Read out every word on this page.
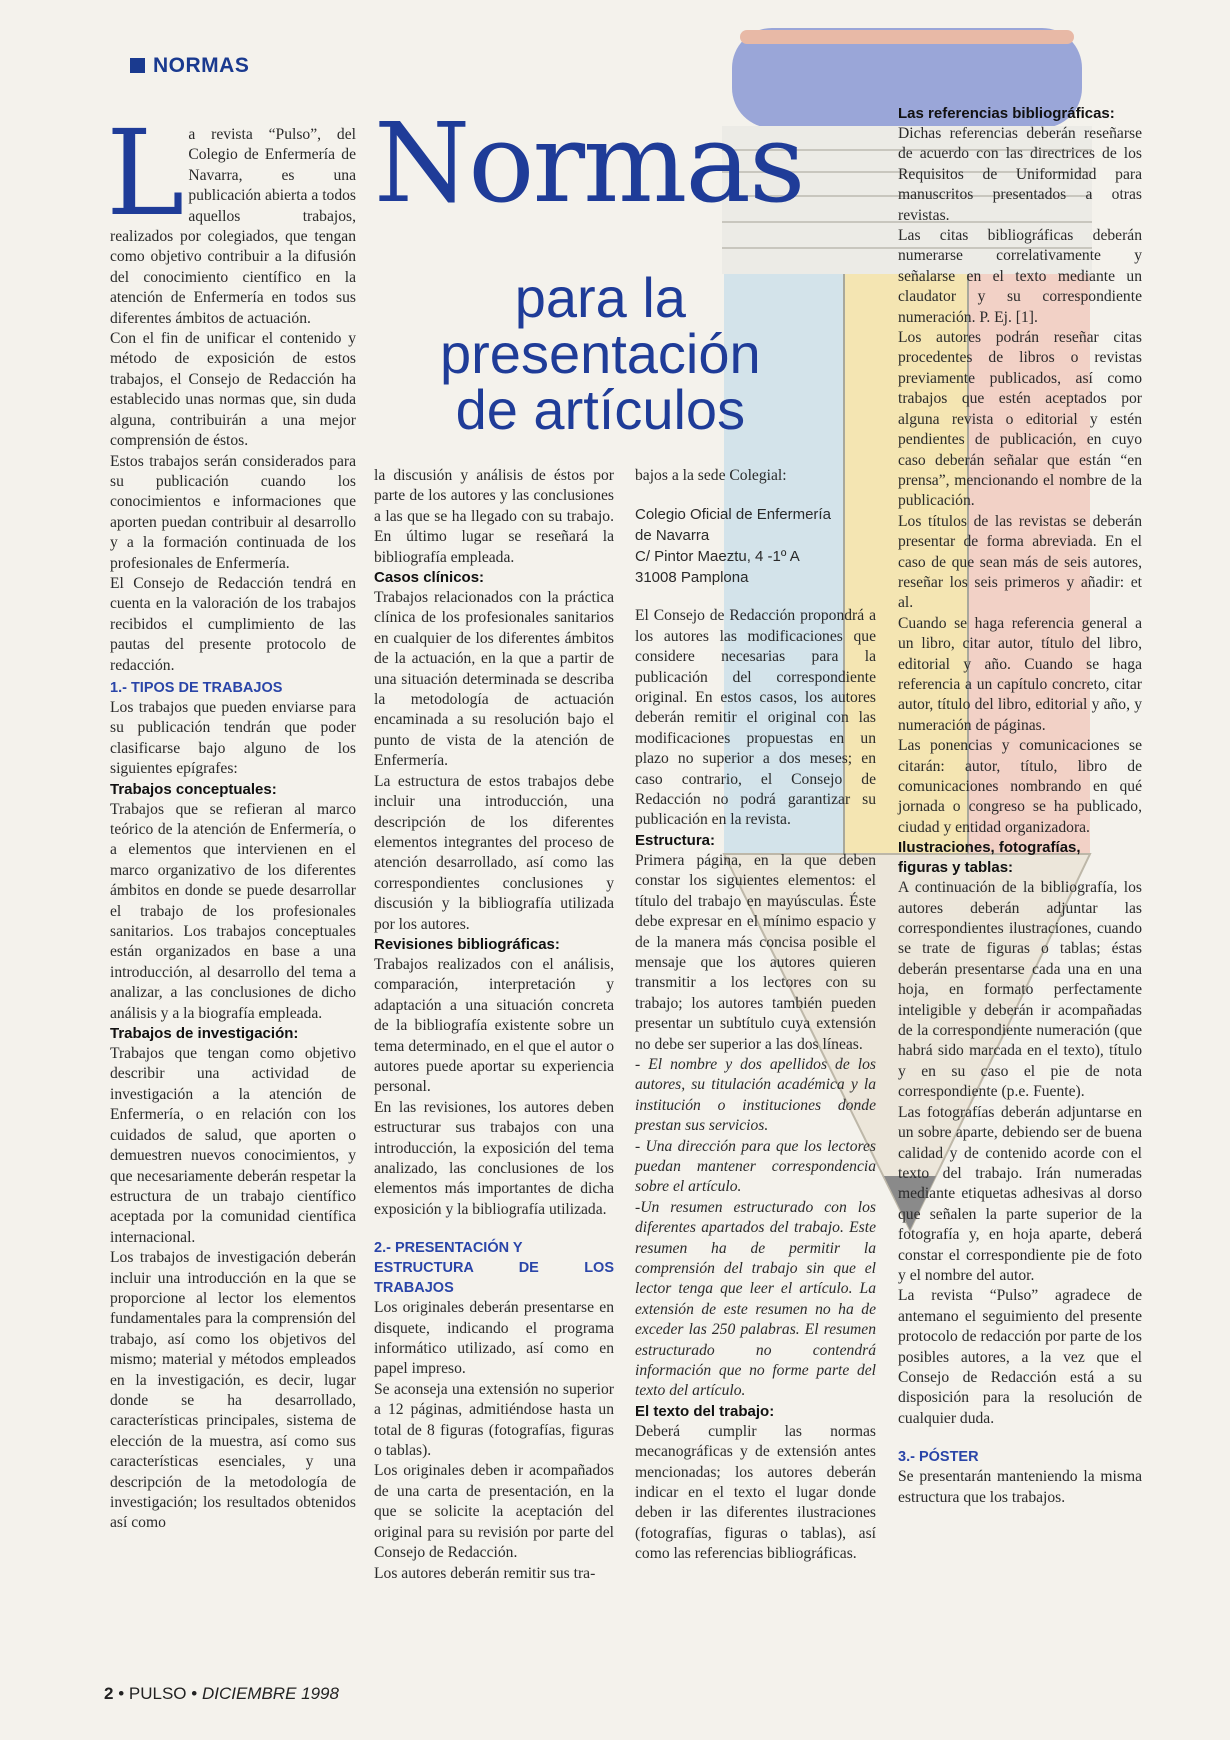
NORMAS
Normas
para la
presentación
de artículos

La revista “Pulso”, del Colegio de Enfermería de Navarra, es una publicación abierta a todos aquellos trabajos, realizados por colegiados, que tengan como objetivo contribuir a la difusión del conocimiento científico en la atención de Enfermería en todos sus diferentes ámbitos de actuación.

Con el fin de unificar el contenido y método de exposición de estos trabajos, el Consejo de Redacción ha establecido unas normas que, sin duda alguna, contribuirán a una mejor comprensión de éstos.

Estos trabajos serán considerados para su publicación cuando los conocimientos e informaciones que aporten puedan contribuir al desarrollo y a la formación continuada de los profesionales de Enfermería.

El Consejo de Redacción tendrá en cuenta en la valoración de los trabajos recibidos el cumplimiento de las pautas del presente protocolo de redacción.

1.- TIPOS DE TRABAJOS

Los trabajos que pueden enviarse para su publicación tendrán que poder clasificarse bajo alguno de los siguientes epígrafes:

Trabajos conceptuales:

Trabajos que se refieran al marco teórico de la atención de Enfermería, o a elementos que intervienen en el marco organizativo de los diferentes ámbitos en donde se puede desarrollar el trabajo de los profesionales sanitarios. Los trabajos conceptuales están organizados en base a una introducción, al desarrollo del tema a analizar, a las conclusiones de dicho análisis y a la biografía empleada.

Trabajos de investigación:

Trabajos que tengan como objetivo describir una actividad de investigación a la atención de Enfermería, o en relación con los cuidados de salud, que aporten o demuestren nuevos conocimientos, y que necesariamente deberán respetar la estructura de un trabajo científico aceptada por la comunidad científica internacional.

Los trabajos de investigación deberán incluir una introducción en la que se proporcione al lector los elementos fundamentales para la comprensión del trabajo, así como los objetivos del mismo; material y métodos empleados en la investigación, es decir, lugar donde se ha desarrollado, características principales, sistema de elección de la muestra, así como sus características esenciales, y una descripción de la metodología de investigación; los resultados obtenidos así como

la discusión y análisis de éstos por parte de los autores y las conclusiones a las que se ha llegado con su trabajo. En último lugar se reseñará la bibliografía empleada.

Casos clínicos:

Trabajos relacionados con la práctica clínica de los profesionales sanitarios en cualquier de los diferentes ámbitos de la actuación, en la que a partir de una situación determinada se describa la metodología de actuación encaminada a su resolución bajo el punto de vista de la atención de Enfermería.

La estructura de estos trabajos debe incluir una introducción, una descripción de los diferentes elementos integrantes del proceso de atención desarrollado, así como las correspondientes conclusiones y discusión y la bibliografía utilizada por los autores.

Revisiones bibliográficas:

Trabajos realizados con el análisis, comparación, interpretación y adaptación a una situación concreta de la bibliografía existente sobre un tema determinado, en el que el autor o autores puede aportar su experiencia personal.

En las revisiones, los autores deben estructurar sus trabajos con una introducción, la exposición del tema analizado, las conclusiones de los elementos más importantes de dicha exposición y la bibliografía utilizada.

2.- PRESENTACIÓN Y

ESTRUCTURA DE LOS TRABAJOS

Los originales deberán presentarse en disquete, indicando el programa informático utilizado, así como en papel impreso.

Se aconseja una extensión no superior a 12 páginas, admitiéndose hasta un total de 8 figuras (fotografías, figuras o tablas).

Los originales deben ir acompañados de una carta de presentación, en la que se solicite la aceptación del original para su revisión por parte del Consejo de Redacción.

Los autores deberán remitir sus tra-

bajos a la sede Colegial:

Colegio Oficial de Enfermería
de Navarra
C/ Pintor Maeztu, 4 -1º A
31008 Pamplona

El Consejo de Redacción propondrá a los autores las modificaciones que considere necesarias para la publicación del correspondiente original. En estos casos, los autores deberán remitir el original con las modificaciones propuestas en un plazo no superior a dos meses; en caso contrario, el Consejo de Redacción no podrá garantizar su publicación en la revista.

Estructura:

Primera página, en la que deben constar los siguientes elementos: el título del trabajo en mayúsculas. Éste debe expresar en el mínimo espacio y de la manera más concisa posible el mensaje que los autores quieren transmitir a los lectores con su trabajo; los autores también pueden presentar un subtítulo cuya extensión no debe ser superior a las dos líneas.

- El nombre y dos apellidos de los autores, su titulación académica y la institución o instituciones donde prestan sus servicios.

- Una dirección para que los lectores puedan mantener correspondencia sobre el artículo.

-Un resumen estructurado con los diferentes apartados del trabajo. Este resumen ha de permitir la comprensión del trabajo sin que el lector tenga que leer el artículo. La extensión de este resumen no ha de exceder las 250 palabras. El resumen estructurado no contendrá información que no forme parte del texto del artículo.

El texto del trabajo:

Deberá cumplir las normas mecanográficas y de extensión antes mencionadas; los autores deberán indicar en el texto el lugar donde deben ir las diferentes ilustraciones (fotografías, figuras o tablas), así como las referencias bibliográficas.

Las referencias bibliográficas:

Dichas referencias deberán reseñarse de acuerdo con las directrices de los Requisitos de Uniformidad para manuscritos presentados a otras revistas.

Las citas bibliográficas deberán numerarse correlativamente y señalarse en el texto mediante un claudator y su correspondiente numeración. P. Ej. [1].

Los autores podrán reseñar citas procedentes de libros o revistas previamente publicados, así como trabajos que estén aceptados por alguna revista o editorial y estén pendientes de publicación, en cuyo caso deberán señalar que están “en prensa”, mencionando el nombre de la publicación.

Los títulos de las revistas se deberán presentar de forma abreviada. En el caso de que sean más de seis autores, reseñar los seis primeros y añadir: et al.

Cuando se haga referencia general a un libro, citar autor, título del libro, editorial y año. Cuando se haga referencia a un capítulo concreto, citar autor, título del libro, editorial y año, y numeración de páginas.

Las ponencias y comunicaciones se citarán: autor, título, libro de comunicaciones nombrando en qué jornada o congreso se ha publicado, ciudad y entidad organizadora.

Ilustraciones, fotografías,

figuras y tablas:

A continuación de la bibliografía, los autores deberán adjuntar las correspondientes ilustraciones, cuando se trate de figuras o tablas; éstas deberán presentarse cada una en una hoja, en formato perfectamente inteligible y deberán ir acompañadas de la correspondiente numeración (que habrá sido marcada en el texto), título y en su caso el pie de nota correspondiente (p.e. Fuente).

Las fotografías deberán adjuntarse en un sobre aparte, debiendo ser de buena calidad y de contenido acorde con el texto del trabajo. Irán numeradas mediante etiquetas adhesivas al dorso que señalen la parte superior de la fotografía y, en hoja aparte, deberá constar el correspondiente pie de foto y el nombre del autor.

La revista “Pulso” agradece de antemano el seguimiento del presente protocolo de redacción por parte de los posibles autores, a la vez que el Consejo de Redacción está a su disposición para la resolución de cualquier duda.

3.- PÓSTER

Se presentarán manteniendo la misma estructura que los trabajos.

2 • PULSO • DICIEMBRE 1998
